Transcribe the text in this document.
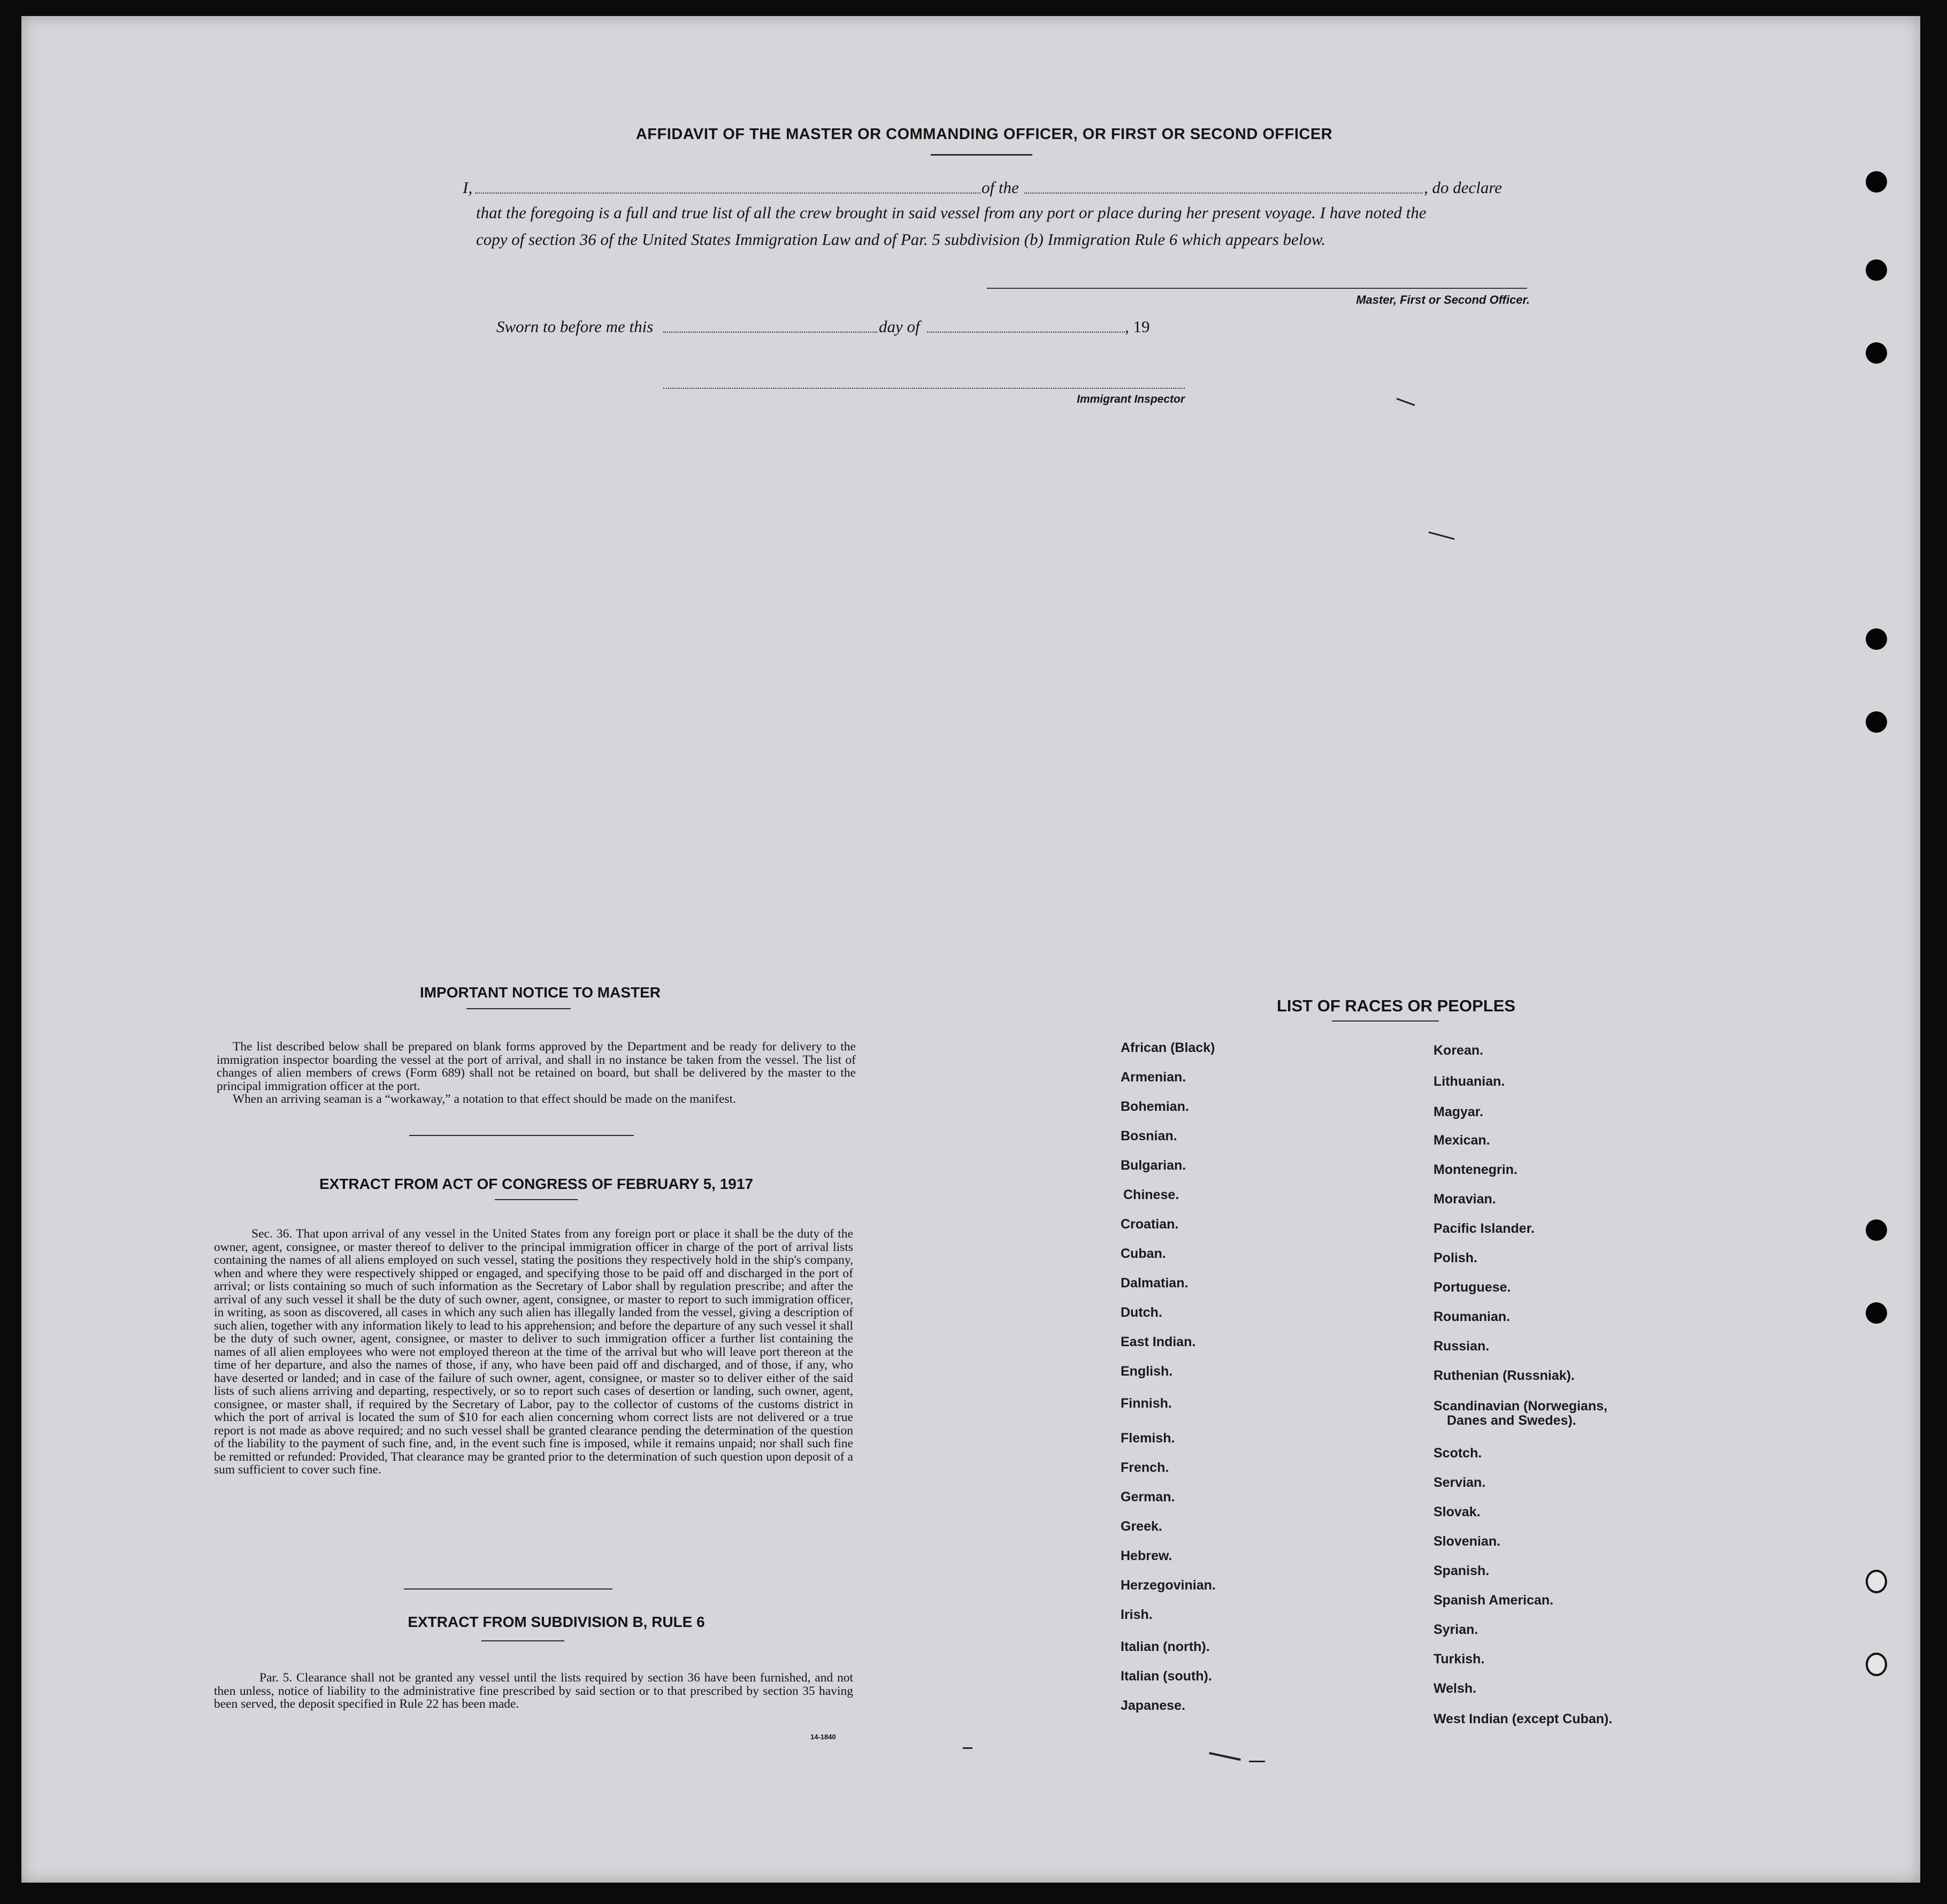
AFFIDAVIT OF THE MASTER OR COMMANDING OFFICER, OR FIRST OR SECOND OFFICER
I,	of the	, do declare
that the foregoing is a full and true list of all the crew brought in said vessel from any port or place during her present voyage. I have noted the
copy of section 36 of the United States Immigration Law and of Par. 5 subdivision (b) Immigration Rule 6 which appears below.
Master, First or Second Officer.
Sworn to before me this	day of	, 19
Immigrant Inspector
IMPORTANT NOTICE TO MASTER

The list described below shall be prepared on blank forms approved by the Department and be ready for delivery to the immigration inspector boarding the vessel at the port of arrival, and shall in no instance be taken from the vessel. The list of changes of alien members of crews (Form 689) shall not be retained on board, but shall be delivered by the master to the principal immigration officer at the port.

When an arriving seaman is a “workaway,” a notation to that effect should be made on the manifest.

EXTRACT FROM ACT OF CONGRESS OF FEBRUARY 5, 1917

Sec. 36. That upon arrival of any vessel in the United States from any foreign port or place it shall be the duty of the owner, agent, consignee, or master thereof to deliver to the principal immigration officer in charge of the port of arrival lists containing the names of all aliens employed on such vessel, stating the positions they respectively hold in the ship's company, when and where they were respectively shipped or engaged, and specifying those to be paid off and discharged in the port of arrival; or lists containing so much of such information as the Secretary of Labor shall by regulation prescribe; and after the arrival of any such vessel it shall be the duty of such owner, agent, consignee, or master to report to such immigration officer, in writing, as soon as discovered, all cases in which any such alien has illegally landed from the vessel, giving a description of such alien, together with any information likely to lead to his apprehension; and before the departure of any such vessel it shall be the duty of such owner, agent, consignee, or master to deliver to such immigration officer a further list containing the names of all alien employees who were not employed thereon at the time of the arrival but who will leave port thereon at the time of her departure, and also the names of those, if any, who have been paid off and discharged, and of those, if any, who have deserted or landed; and in case of the failure of such owner, agent, consignee, or master so to deliver either of the said lists of such aliens arriving and departing, respectively, or so to report such cases of desertion or landing, such owner, agent, consignee, or master shall, if required by the Secretary of Labor, pay to the collector of customs of the customs district in which the port of arrival is located the sum of $10 for each alien concerning whom correct lists are not delivered or a true report is not made as above required; and no such vessel shall be granted clearance pending the determination of the question of the liability to the payment of such fine, and, in the event such fine is imposed, while it remains unpaid; nor shall such fine be remitted or refunded: Provided, That clearance may be granted prior to the determination of such question upon deposit of a sum sufficient to cover such fine.

EXTRACT FROM SUBDIVISION B, RULE 6

Par. 5. Clearance shall not be granted any vessel until the lists required by section 36 have been furnished, and not then unless, notice of liability to the administrative fine prescribed by said section or to that prescribed by section 35 having been served, the deposit specified in Rule 22 has been made.

14-1840
LIST OF RACES OR PEOPLES
African (Black)
Armenian.
Bohemian.
Bosnian.
Bulgarian.
Chinese.
Croatian.
Cuban.
Dalmatian.
Dutch.
East Indian.
English.
Finnish.
Flemish.
French.
German.
Greek.
Hebrew.
Herzegovinian.
Irish.
Italian (north).
Italian (south).
Japanese.
Korean.
Lithuanian.
Magyar.
Mexican.
Montenegrin.
Moravian.
Pacific Islander.
Polish.
Portuguese.
Roumanian.
Russian.
Ruthenian (Russniak).
Scandinavian (Norwegians,
Danes and Swedes).
Scotch.
Servian.
Slovak.
Slovenian.
Spanish.
Spanish American.
Syrian.
Turkish.
Welsh.
West Indian (except Cuban).
